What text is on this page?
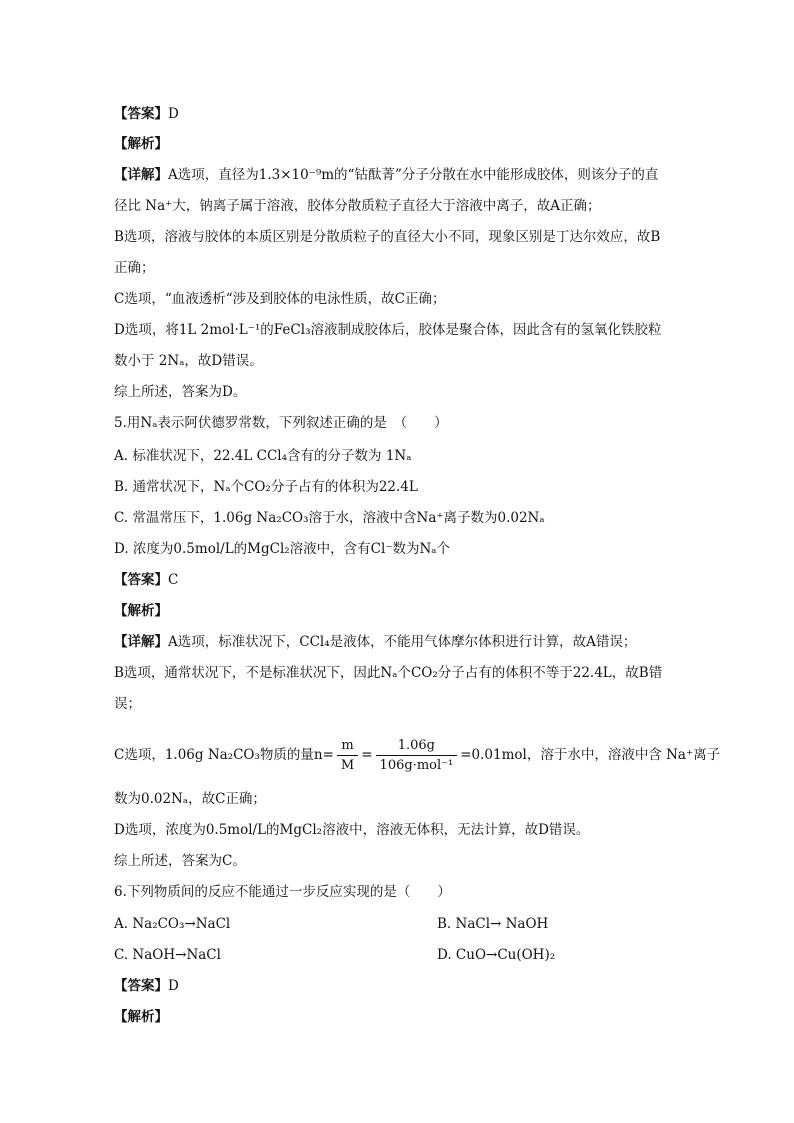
【答案】D
【解析】
【详解】A选项，直径为1.3×10⁻⁹m的“钴酞菁”分子分散在水中能形成胶体，则该分子的直
径比 Na⁺大，钠离子属于溶液，胶体分散质粒子直径大于溶液中离子，故A正确；
B选项，溶液与胶体的本质区别是分散质粒子的直径大小不同，现象区别是丁达尔效应，故B
正确；
C选项，“血液透析“涉及到胶体的电泳性质，故C正确；
D选项，将1L 2mol·L⁻¹的FeCl₃溶液制成胶体后，胶体是聚合体，因此含有的氢氧化铁胶粒
数小于 2Nₐ，故D错误。
综上所述，答案为D。
5.用Nₐ表示阿伏德罗常数，下列叙述正确的是　（　　）
A. 标准状况下，22.4L CCl₄含有的分子数为 1Nₐ
B. 通常状况下，Nₐ个CO₂分子占有的体积为22.4L
C. 常温常压下，1.06g Na₂CO₃溶于水，溶液中含Na⁺离子数为0.02Nₐ
D. 浓度为0.5mol/L的MgCl₂溶液中，含有Cl⁻数为Nₐ个
【答案】C
【解析】
【详解】A选项，标准状况下，CCl₄是液体，不能用气体摩尔体积进行计算，故A错误；
B选项，通常状况下，不是标准状况下，因此Nₐ个CO₂分子占有的体积不等于22.4L，故B错
误；
C选项，1.06g Na₂CO₃物质的量$n= \frac{m}{M} = \frac{1.06g}{\text{106g·mol⁻¹}} =0.01mol$，溶于水中，溶液中含 Na⁺离子
数为0.02Nₐ，故C正确；
D选项，浓度为0.5mol/L的MgCl₂溶液中，溶液无体积，无法计算，故D错误。
综上所述，答案为C。
6.下列物质间的反应不能通过一步反应实现的是（　　）
A. Na₂CO₃→NaCl	B. NaCl→ NaOH
C. NaOH→NaCl	D. CuO→Cu(OH)₂
【答案】D
【解析】
